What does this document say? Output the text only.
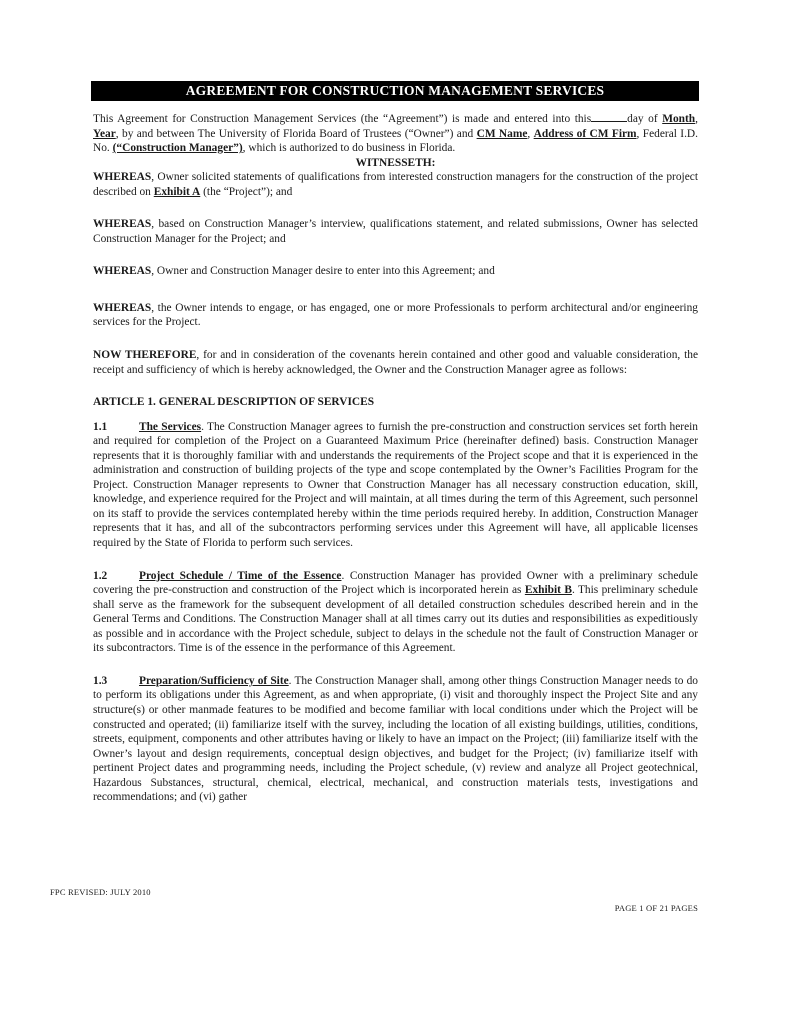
AGREEMENT FOR CONSTRUCTION MANAGEMENT SERVICES

This Agreement for Construction Management Services (the “Agreement”) is made and entered into this	day of Month, Year, by and between The University of Florida Board of Trustees (“Owner”) and CM Name, Address of CM Firm, Federal I.D. No. (“Construction Manager”), which is authorized to do business in Florida.

WITNESSETH:

WHEREAS, Owner solicited statements of qualifications from interested construction managers for the construction of the project described on Exhibit A (the “Project”); and

WHEREAS, based on Construction Manager’s interview, qualifications statement, and related submissions, Owner has selected Construction Manager for the Project; and

WHEREAS, Owner and Construction Manager desire to enter into this Agreement; and

WHEREAS, the Owner intends to engage, or has engaged, one or more Professionals to perform architectural and/or engineering services for the Project.

NOW THEREFORE, for and in consideration of the covenants herein contained and other good and valuable consideration, the receipt and sufficiency of which is hereby acknowledged, the Owner and the Construction Manager agree as follows:

ARTICLE 1. GENERAL DESCRIPTION OF SERVICES

1.1	The Services. The Construction Manager agrees to furnish the pre-construction and construction services set forth herein and required for completion of the Project on a Guaranteed Maximum Price (hereinafter defined) basis. Construction Manager represents that it is thoroughly familiar with and understands the requirements of the Project scope and that it is experienced in the administration and construction of building projects of the type and scope contemplated by the Owner’s Facilities Program for the Project. Construction Manager represents to Owner that Construction Manager has all necessary construction education, skill, knowledge, and experience required for the Project and will maintain, at all times during the term of this Agreement, such personnel on its staff to provide the services contemplated hereby within the time periods required hereby. In addition, Construction Manager represents that it has, and all of the subcontractors performing services under this Agreement will have, all applicable licenses required by the State of Florida to perform such services.

1.2	Project Schedule / Time of the Essence. Construction Manager has provided Owner with a preliminary schedule covering the pre-construction and construction of the Project which is incorporated herein as Exhibit B. This preliminary schedule shall serve as the framework for the subsequent development of all detailed construction schedules described herein and in the General Terms and Conditions. The Construction Manager shall at all times carry out its duties and responsibilities as expeditiously as possible and in accordance with the Project schedule, subject to delays in the schedule not the fault of Construction Manager or its subcontractors. Time is of the essence in the performance of this Agreement.

1.3	Preparation/Sufficiency of Site. The Construction Manager shall, among other things Construction Manager needs to do to perform its obligations under this Agreement, as and when appropriate, (i) visit and thoroughly inspect the Project Site and any structure(s) or other manmade features to be modified and become familiar with local conditions under which the Project will be constructed and operated; (ii) familiarize itself with the survey, including the location of all existing buildings, utilities, conditions, streets, equipment, components and other attributes having or likely to have an impact on the Project; (iii) familiarize itself with the Owner’s layout and design requirements, conceptual design objectives, and budget for the Project; (iv) familiarize itself with pertinent Project dates and programming needs, including the Project schedule, (v) review and analyze all Project geotechnical, Hazardous Substances, structural, chemical, electrical, mechanical, and construction materials tests, investigations and recommendations; and (vi) gather

FPC REVISED: JULY 2010
PAGE 1 OF 21 PAGES
